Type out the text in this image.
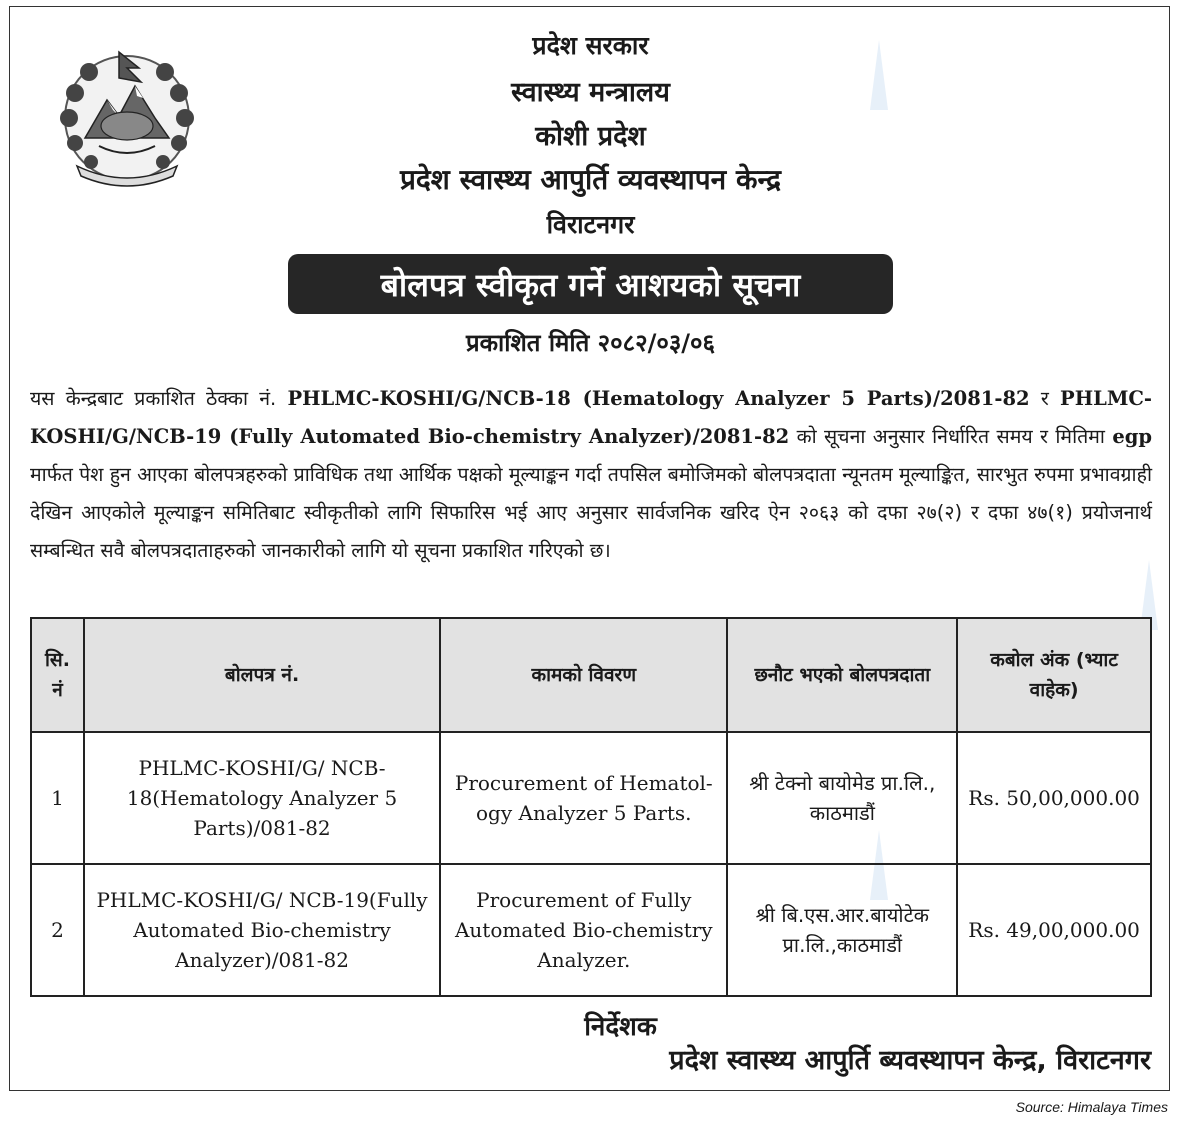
प्रदेश सरकार
स्वास्थ्य मन्त्रालय
कोशी प्रदेश
प्रदेश स्वास्थ्य आपुर्ति व्यवस्थापन केन्द्र
विराटनगर
बोलपत्र स्वीकृत गर्ने आशयको सूचना
प्रकाशित मिति २०८२/०३/०६
यस केन्द्रबाट प्रकाशित ठेक्का नं. PHLMC-KOSHI/G/NCB-18 (Hematology Analyzer 5 Parts)/2081-82 र PHLMC-KOSHI/G/NCB-19 (Fully Automated Bio-chemistry Analyzer)/2081-82 को सूचना अनुसार निर्धारित समय र मितिमा egp मार्फत पेश हुन आएका बोलपत्रहरुको प्राविधिक तथा आर्थिक पक्षको मूल्याङ्कन गर्दा तपसिल बमोजिमको बोलपत्रदाता न्यूनतम मूल्याङ्कित, सारभुत रुपमा प्रभावग्राही देखिन आएकोले मूल्याङ्कन समितिबाट स्वीकृतीको लागि सिफारिस भई आए अनुसार सार्वजनिक खरिद ऐन २०६३ को दफा २७(२) र दफा ४७(१) प्रयोजनार्थ सम्बन्धित सवै बोलपत्रदाताहरुको जानकारीको लागि यो सूचना प्रकाशित गरिएको छ।
सि. नं	बोलपत्र नं.	कामको विवरण	छनौट भएको बोलपत्रदाता	कबोल अंक (भ्याट वाहेक)
1	PHLMC-KOSHI/G/ NCB-18(Hematology Analyzer 5 Parts)/081-82	Procurement of Hematol- ogy Analyzer 5 Parts.	श्री टेक्नो बायोमेड प्रा.लि., काठमाडौं	Rs. 50,00,000.00
2	PHLMC-KOSHI/G/ NCB-19(Fully Automated Bio-chemistry Analyzer)/081-82	Procurement of Fully Automated Bio-chemistry Analyzer.	श्री बि.एस.आर.बायोटेक प्रा.लि.,काठमाडौं	Rs. 49,00,000.00
निर्देशक
प्रदेश स्वास्थ्य आपुर्ति ब्यवस्थापन केन्द्र, विराटनगर
Source: Himalaya Times
